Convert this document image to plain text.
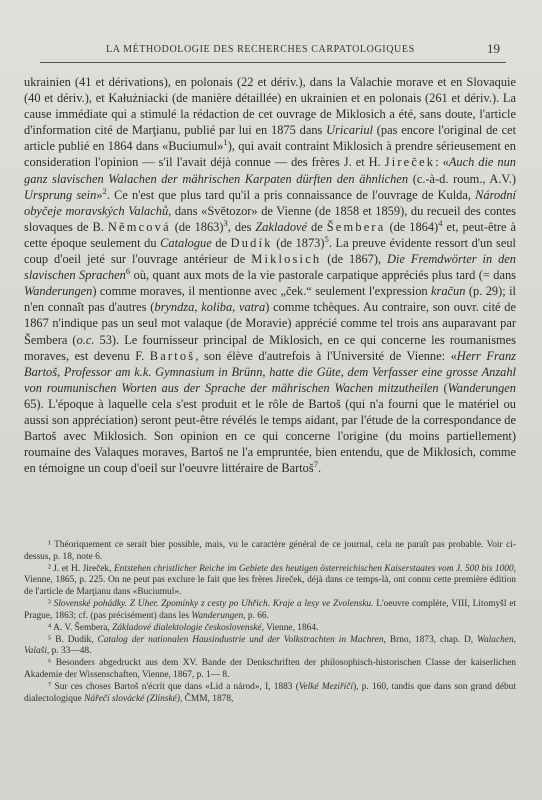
LA MÉTHODOLOGIE DES RECHERCHES CARPATOLOGIQUES	19

ukrainien (41 et dérivations), en polonais (22 et dériv.), dans la Valachie morave et en Slovaquie (40 et dériv.), et Kałużniacki (de manière détaillée) en ukrainien et en polonais (261 et dériv.). La cause immédiate qui a stimulé la rédaction de cet ouvrage de Miklosich a été, sans doute, l'article d'information cité de Marţianu, publié par lui en 1875 dans Uricariul (pas encore l'original de cet article publié en 1864 dans «Buciumul»$^1$), qui avait contraint Miklosich à prendre sérieusement en consideration l'opinion — s'il l'avait déjà connue — des frères J. et H. Jireček: «Auch die nun ganz slavischen Walachen der mährischen Karpaten dürften den ähnlichen (c.-à-d. roum., A.V.) Ursprung sein»$^2$. Ce n'est que plus tard qu'il a pris connaissance de l'ouvrage de Kulda, Národní obyčeje moravských Valachů, dans «Světozor» de Vienne (de 1858 et 1859), du recueil des contes slovaques de B. Němcová (de 1863)$^3$, des Zakladové de Šembera (de 1864)$^4$ et, peut-être à cette époque seulement du Catalogue de Dudík (de 1873)$^5$. La preuve évidente ressort d'un seul coup d'oeil jeté sur l'ouvrage antérieur de Miklosich (de 1867), Die Fremdwörter in den slavischen Sprachen$^6$ où, quant aux mots de la vie pastorale carpatique appréciés plus tard (= dans Wanderungen) comme moraves, il mentionne avec „ček.“ seulement l'expression kračun (p. 29); il n'en connaît pas d'autres (bryndza, koliba, vatra) comme tchèques. Au contraire, son ouvr. cité de 1867 n'indique pas un seul mot valaque (de Moravie) apprécié comme tel trois ans auparavant par Šembera (o.c. 53). Le fournisseur principal de Miklosich, en ce qui concerne les roumanismes moraves, est devenu F. Bartoš, son élève d'autrefois à l'Université de Vienne: «Herr Franz Bartoš, Professor am k.k. Gymnasium in Brünn, hatte die Güte, dem Verfasser eine grosse Anzahl von roumunischen Worten aus der Sprache der mährischen Wachen mitzutheilen (Wanderungen 65). L'époque à laquelle cela s'est produit et le rôle de Bartoš (qui n'a fourni que le matériel ou aussi son appréciation) seront peut-être révélés le temps aidant, par l'étude de la correspondance de Bartoš avec Miklosich. Son opinion en ce qui concerne l'origine (du moins partiellement) roumaine des Valaques moraves, Bartoš ne l'a empruntée, bien entendu, que de Miklosich, comme en témoigne un coup d'oeil sur l'oeuvre littéraire de Bartoš$^7$.

¹ Théoriquement ce serait bier possible, mais, vu le caractère général de ce journal, cela ne paraît pas probable. Voir ci-dessus, p. 18, note 6.

² J. et H. Jireček, Entstehen christlicher Reiche im Gebiete des heutigen österreichischen Kaiserstaates vom J. 500 bis 1000, Vienne, 1865, p. 225. On ne peut pas exclure le fait que les frères Jireček, déjà dans ce temps-là, ont connu cette première édition de l'article de Marţianu dans «Buciumul».

³ Slovenské pohádky. Z Uher. Zpomínky z cesty po Uhřích. Kraje a lesy ve Zvolensku. L'oeuvre complète, VIII, Litomyšl et Prague, 1863; cf. (pas précisément) dans les Wanderungen, p. 66.

⁴ A. V. Šembera, Základové dialektologie československé, Vienne, 1864.

⁵ B. Dudík, Catalog der nationalen Hausindustrie und der Volkstrachten in Machren, Brno, 1873, chap. D, Walachen, Valaši, p. 33—48.

⁶ Besonders abgedruckt aus dem XV. Bande der Denkschriften der philosophisch-historischen Classe der kaiserlichen Akademie der Wissenschaften, Vienne, 1867, p. 1— 8.

⁷ Sur ces choses Bartoš n'écrit que dans «Lid a národ», I, 1883 (Velké Meziříčí), p. 160, tandis que dans son grand début dialectologique Nářečí slovácké (Zlinské), ČMM, 1878,
